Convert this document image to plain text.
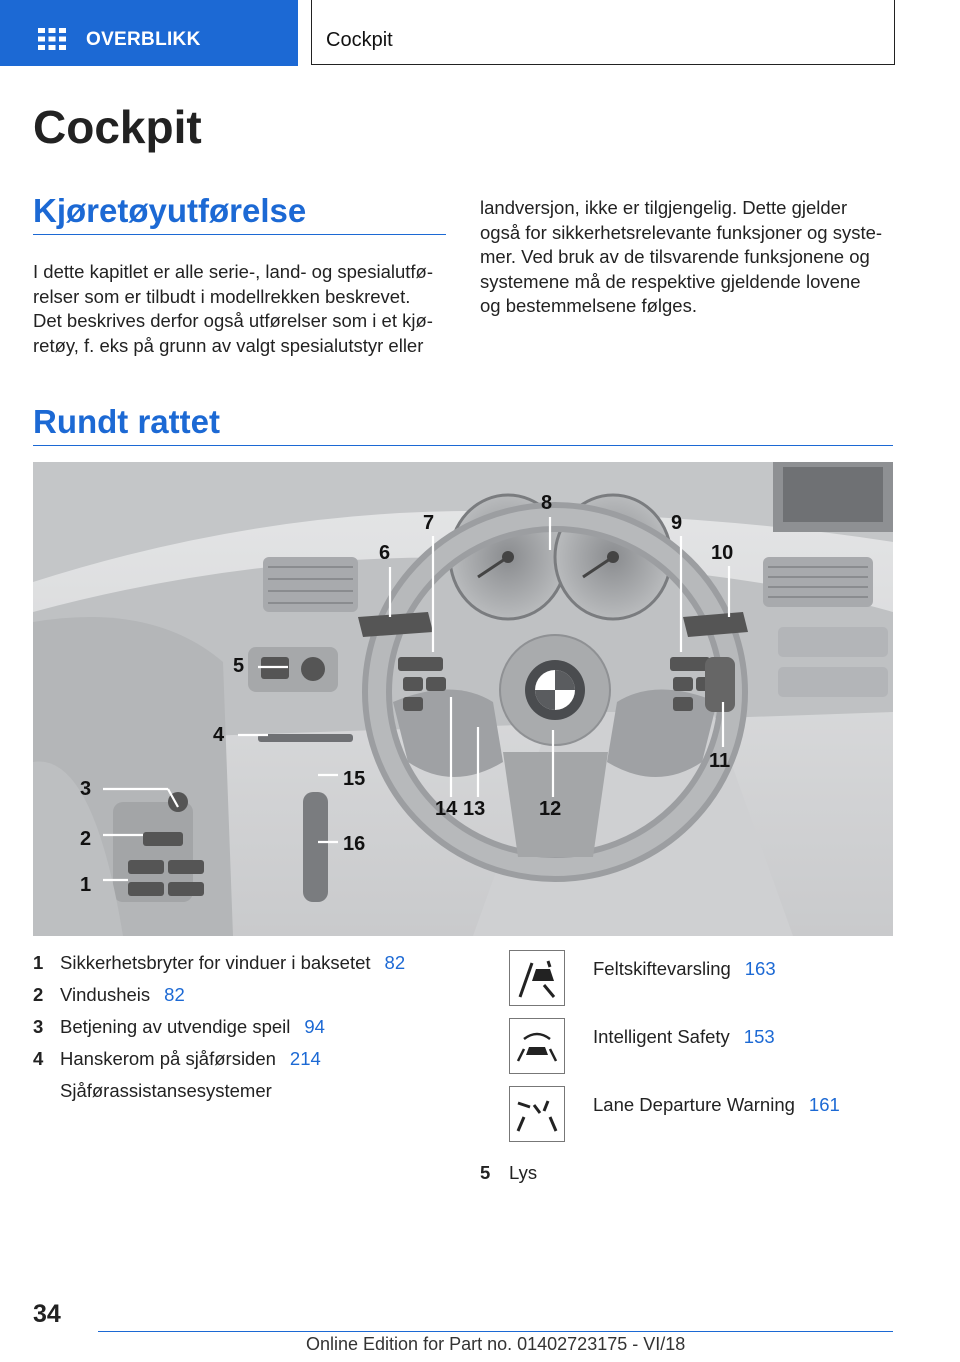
OVERBLIKK	Cockpit
Cockpit
Kjøretøyutførelse
I dette kapitlet er alle serie-, land- og spesialutfø-
relser som er tilbudt i modellrekken beskrevet.
Det beskrives derfor også utførelser som i et kjø-
retøy, f. eks på grunn av valgt spesialutstyr eller
landversjon, ikke er tilgjengelig. Dette gjelder
også for sikkerhetsrelevante funksjoner og syste-
mer. Ved bruk av de tilsvarende funksjonene og
systemene må de respektive gjeldende lovene
og bestemmelsene følges.
Rundt rattet
1
2
3
4
5
6
7
8
9
10
11
12
13
14
15
16
1 Sikkerhetsbryter for vinduer i baksetet 82
2 Vindusheis 82
3 Betjening av utvendige speil 94
4 Hanskerom på sjåførsiden 214
Sjåførassistansesystemer
Feltskiftevarsling 163
Intelligent Safety 153
Lane Departure Warning 161
5	Lys
34
Online Edition for Part no. 01402723175 - VI/18
